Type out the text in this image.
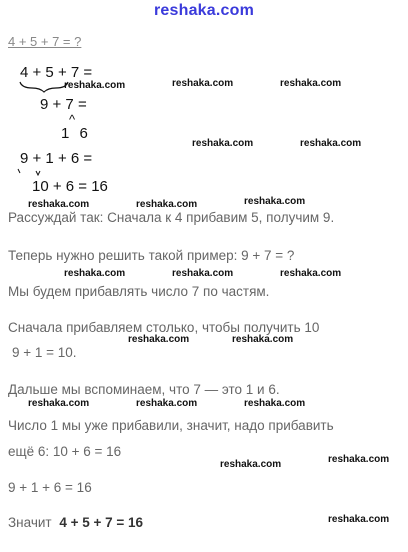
reshaka.com
4 + 5 + 7 = ?
4 + 5 + 7 =
9 + 7 =
^
1 6
9 + 1 + 6 =
10 + 6 = 16
Рассуждай так: Сначала к 4 прибавим 5, получим 9.
Теперь нужно решить такой пример: 9 + 7 = ?
Мы будем прибавлять число 7 по частям.
Сначала прибавляем столько, чтобы получить 10
9 + 1 = 10.
Дальше мы вспоминаем, что 7 — это 1 и 6.
Число 1 мы уже прибавили, значит, надо прибавить
ещё 6: 10 + 6 = 16
9 + 1 + 6 = 16
Значит 4 + 5 + 7 = 16
reshaka.com	reshaka.com	reshaka.com
reshaka.com	reshaka.com
reshaka.com	reshaka.com	reshaka.com
reshaka.com	reshaka.com	reshaka.com
reshaka.com	reshaka.com
reshaka.com	reshaka.com	reshaka.com
reshaka.com	reshaka.com
reshaka.com
